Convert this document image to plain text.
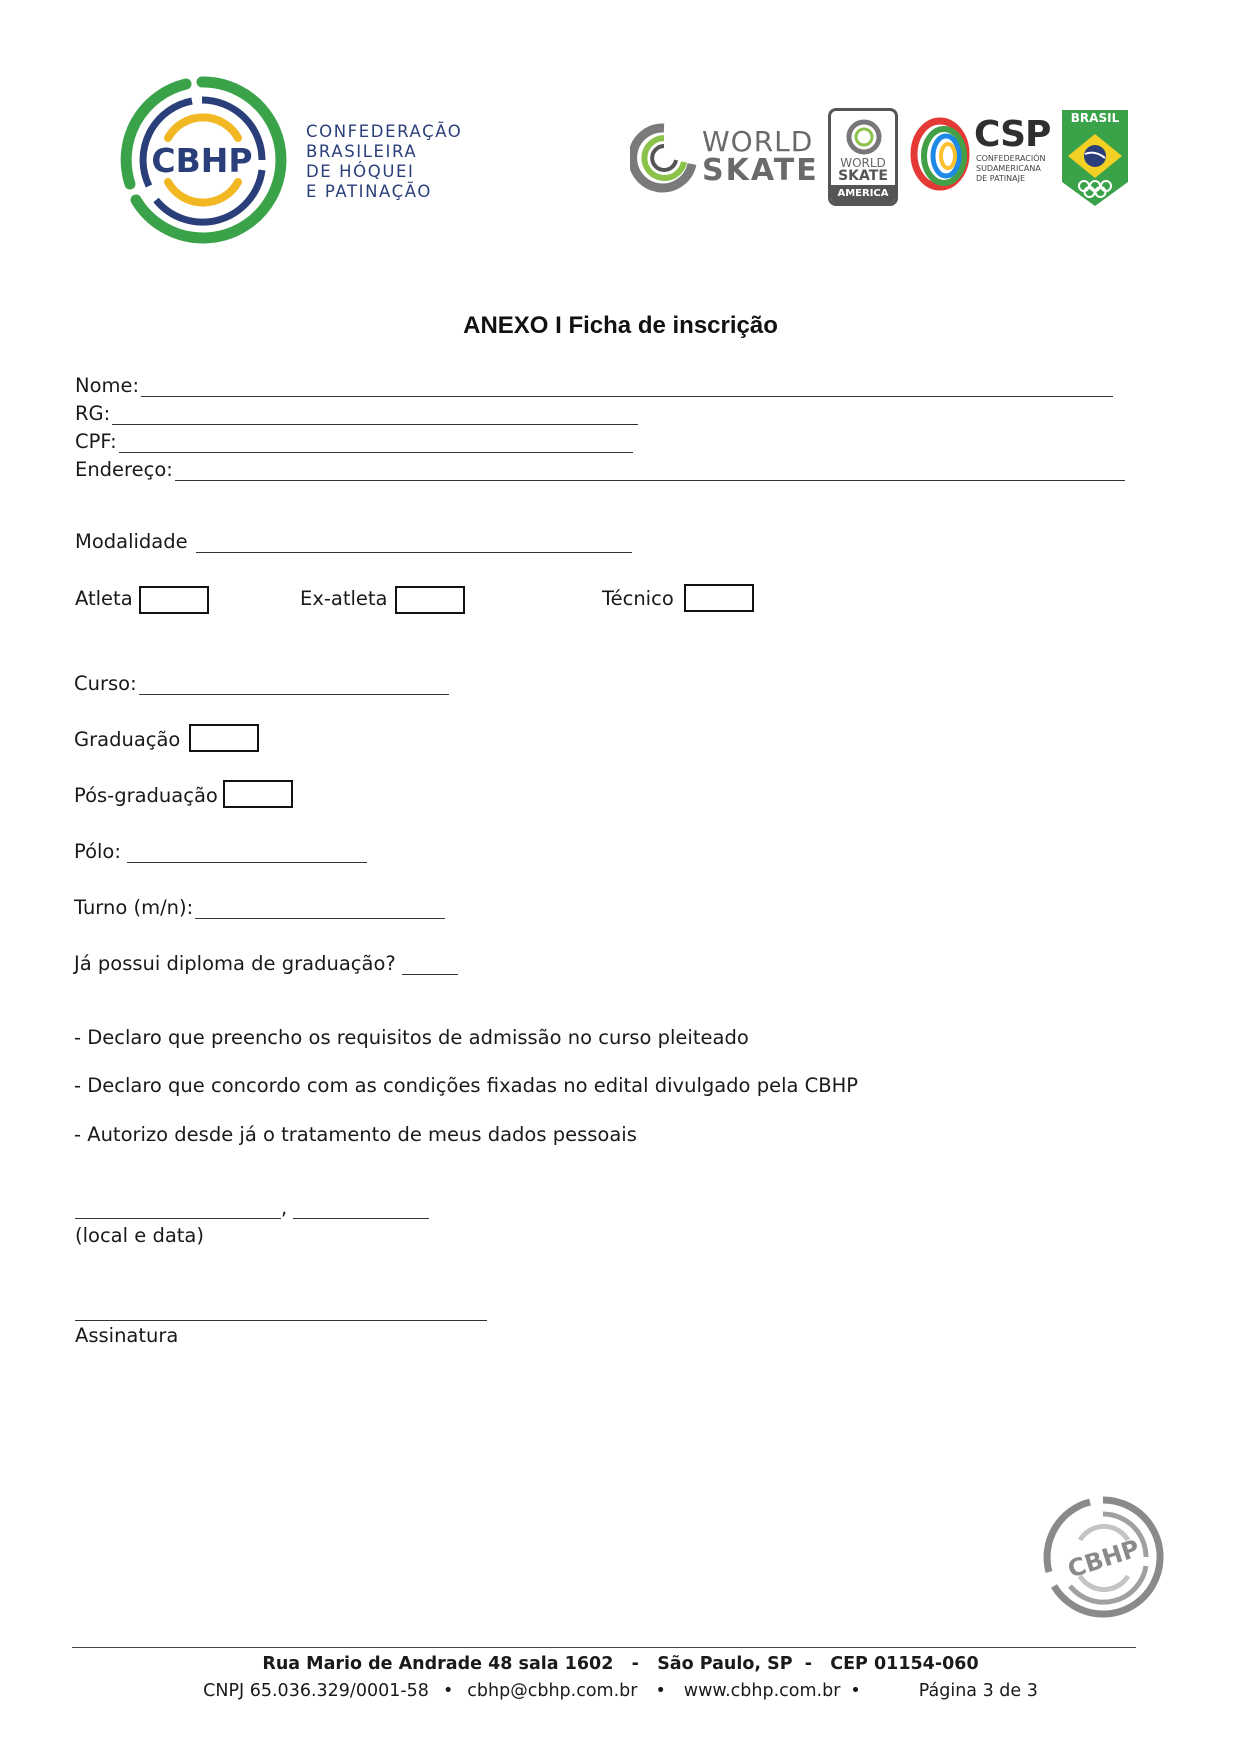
CBHP
CONFEDERAÇÃO
BRASILEIRA
DE HÓQUEI
E PATINAÇÃO
WORLD
SKATE	WORLD
SKATE
AMERICA
CSP
CONFEDERACIÓN
SUDAMERICANA
DE PATINAJE
BRASIL
ANEXO I Ficha de inscrição
Nome:
RG:
CPF:
Endereço:
Modalidade
Atleta	Ex-atleta	Técnico
Curso:
Graduação
Pós-graduação
Pólo:
Turno (m/n):
Já possui diploma de graduação?
- Declaro que preencho os requisitos de admissão no curso pleiteado
- Declaro que concordo com as condições fixadas no edital divulgado pela CBHP
- Autorizo desde já o tratamento de meus dados pessoais
,
(local e data)
Assinatura
CBHP
Rua Mario de Andrade 48 sala 1602   -   São Paulo, SP  -   CEP 01154-060
CNPJ 65.036.329/0001-58 • cbhp@cbhp.com.br • www.cbhp.com.br •	Página 3 de 3
